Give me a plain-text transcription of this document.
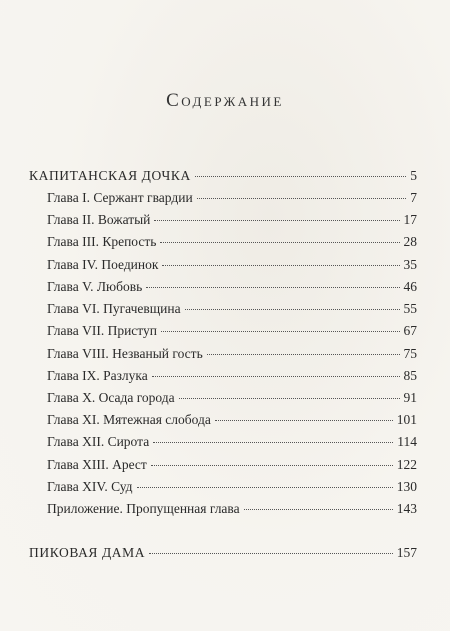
Содержание
КАПИТАНСКАЯ ДОЧКА	5
Глава I. Сержант гвардии	7
Глава II. Вожатый	17
Глава III. Крепость	28
Глава IV. Поединок	35
Глава V. Любовь	46
Глава VI. Пугачевщина	55
Глава VII. Приступ	67
Глава VIII. Незваный гость	75
Глава IX. Разлука	85
Глава X. Осада города	91
Глава XI. Мятежная слобода	101
Глава XII. Сирота	114
Глава XIII. Арест	122
Глава XIV. Суд	130
Приложение. Пропущенная глава	143
ПИКОВАЯ ДАМА	157
